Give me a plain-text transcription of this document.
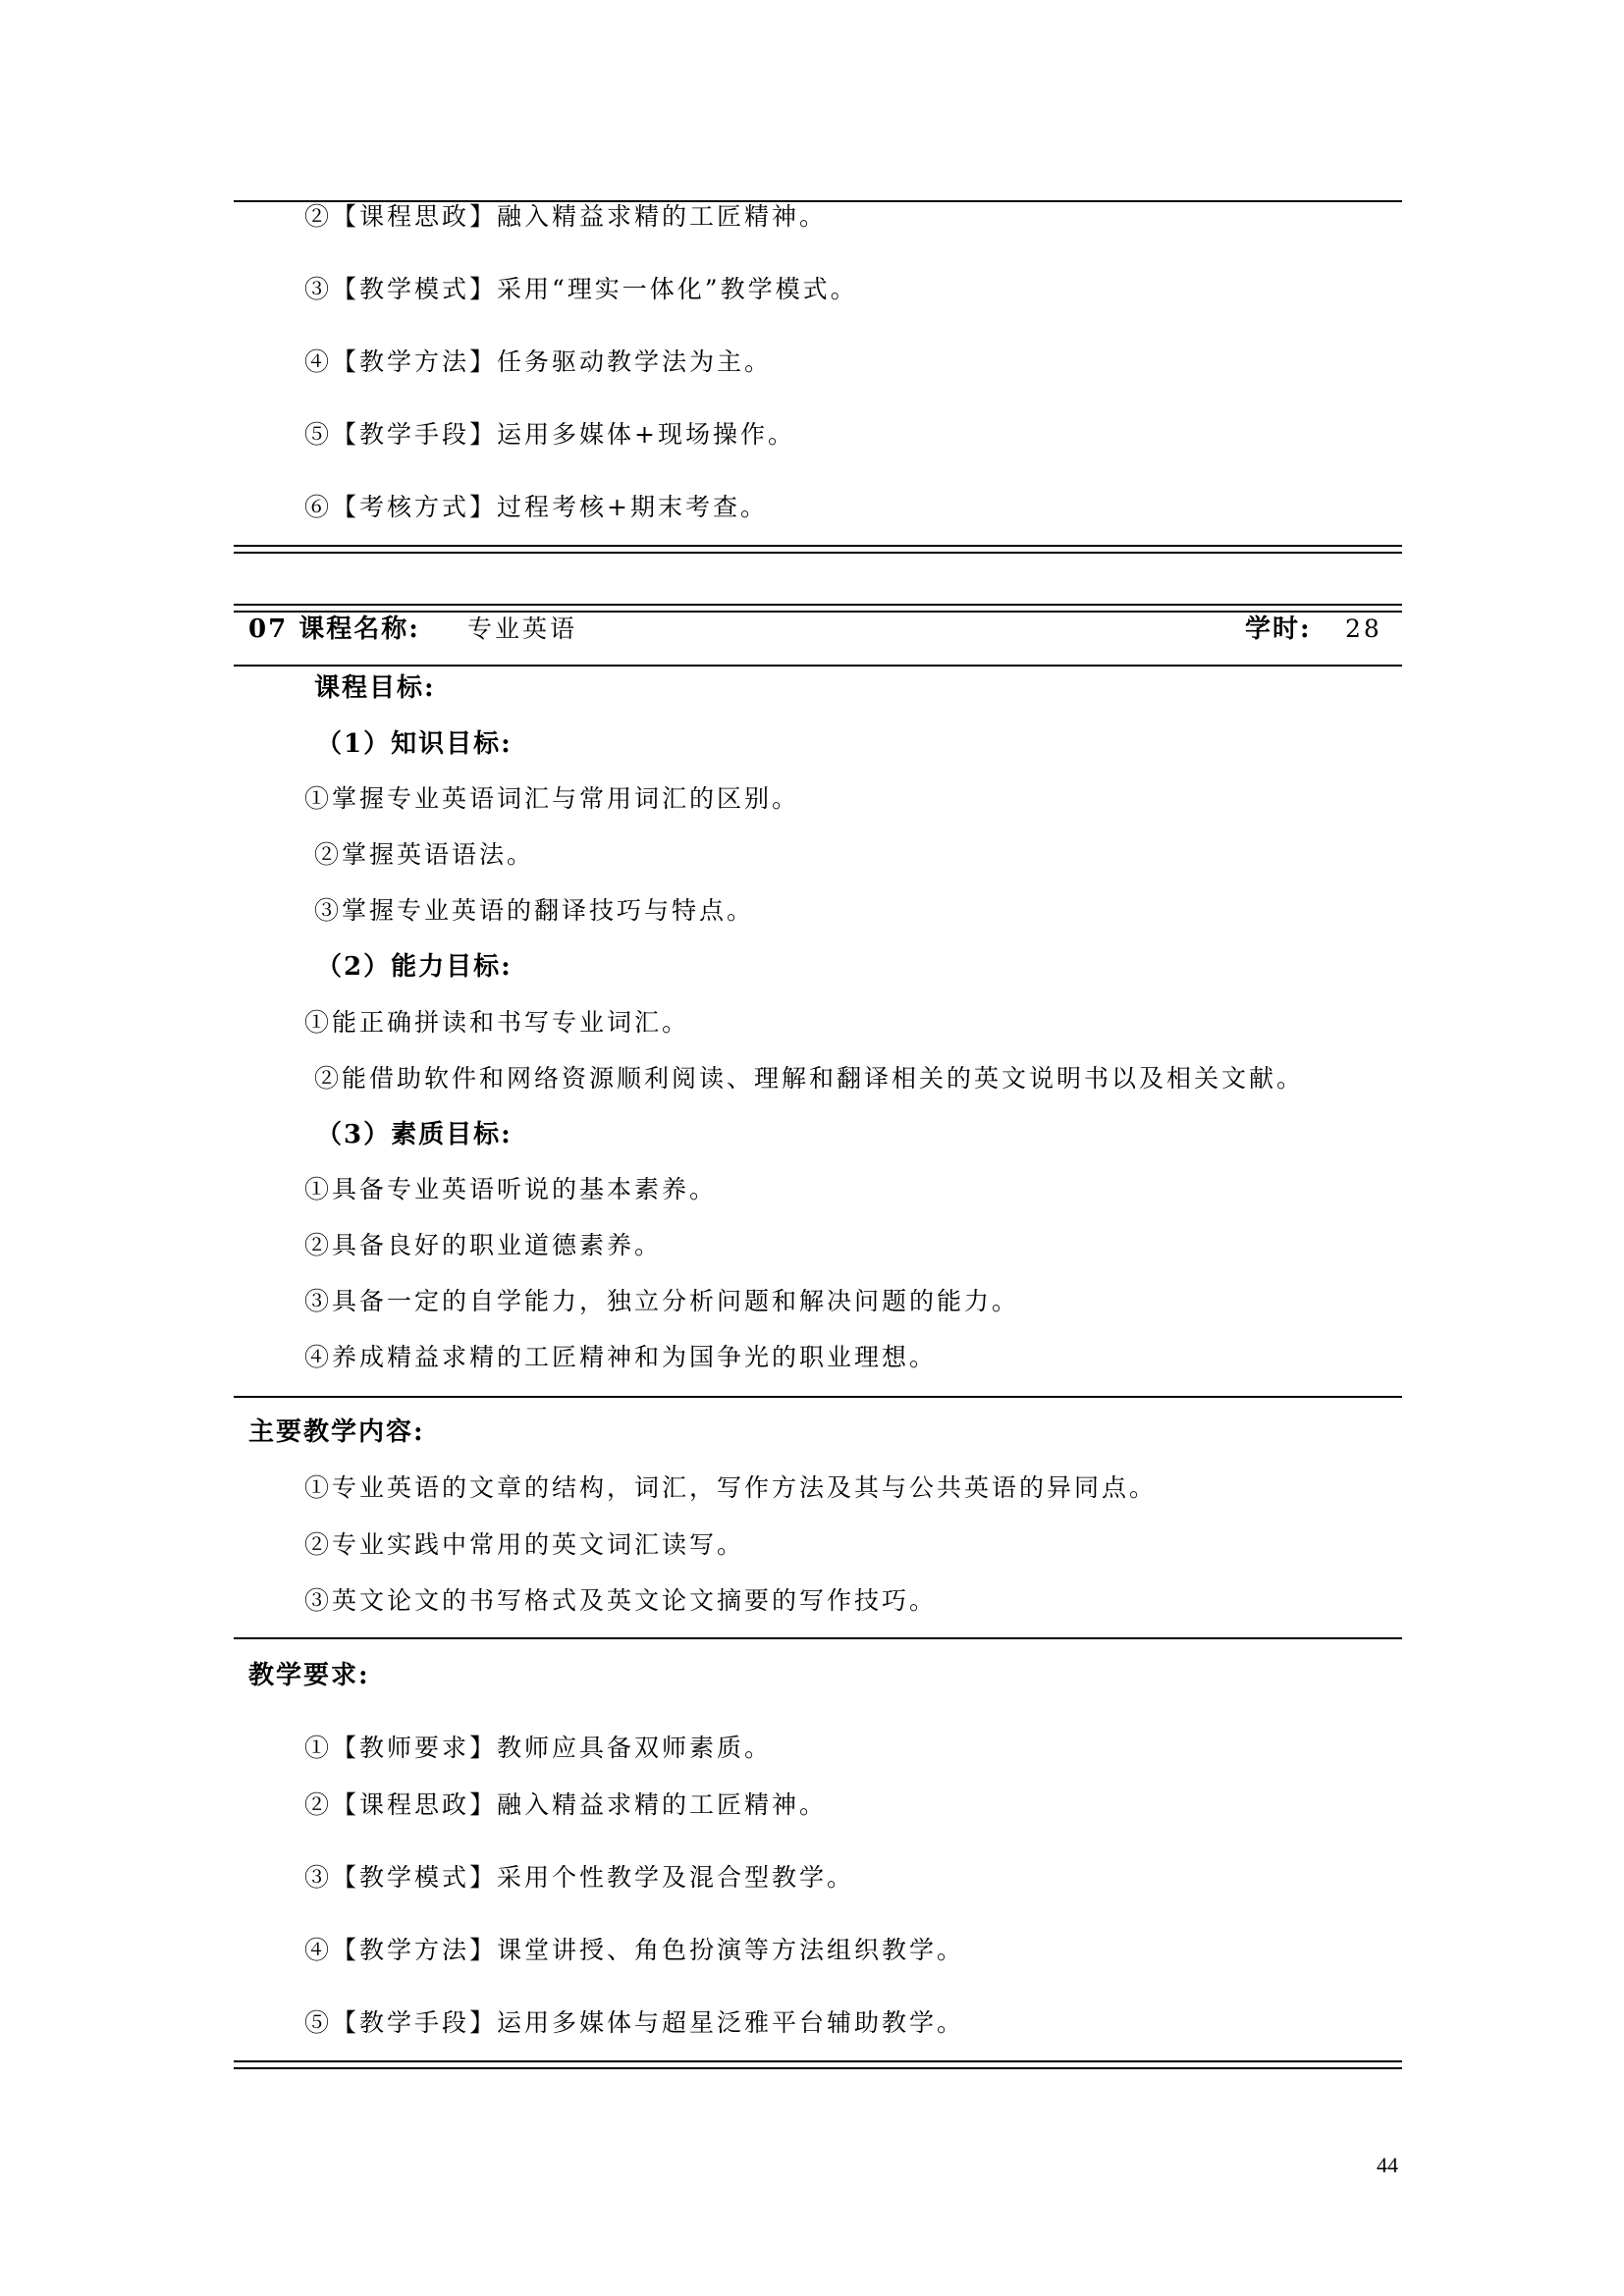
②【课程思政】融入精益求精的工匠精神。
③【教学模式】采用“理实一体化”教学模式。
④【教学方法】任务驱动教学法为主。
⑤【教学手段】运用多媒体+现场操作。
⑥【考核方式】过程考核+期末考查。
07 课程名称: 专业英语	学时: 28
课程目标:
（1）知识目标:
①掌握专业英语词汇与常用词汇的区别。
②掌握英语语法。
③掌握专业英语的翻译技巧与特点。
（2）能力目标:
①能正确拼读和书写专业词汇。
②能借助软件和网络资源顺利阅读、理解和翻译相关的英文说明书以及相关文献。
（3）素质目标:
①具备专业英语听说的基本素养。
②具备良好的职业道德素养。
③具备一定的自学能力，独立分析问题和解决问题的能力。
④养成精益求精的工匠精神和为国争光的职业理想。
主要教学内容:
①专业英语的文章的结构，词汇，写作方法及其与公共英语的异同点。
②专业实践中常用的英文词汇读写。
③英文论文的书写格式及英文论文摘要的写作技巧。
教学要求:
①【教师要求】教师应具备双师素质。
②【课程思政】融入精益求精的工匠精神。
③【教学模式】采用个性教学及混合型教学。
④【教学方法】课堂讲授、角色扮演等方法组织教学。
⑤【教学手段】运用多媒体与超星泛雅平台辅助教学。
44
